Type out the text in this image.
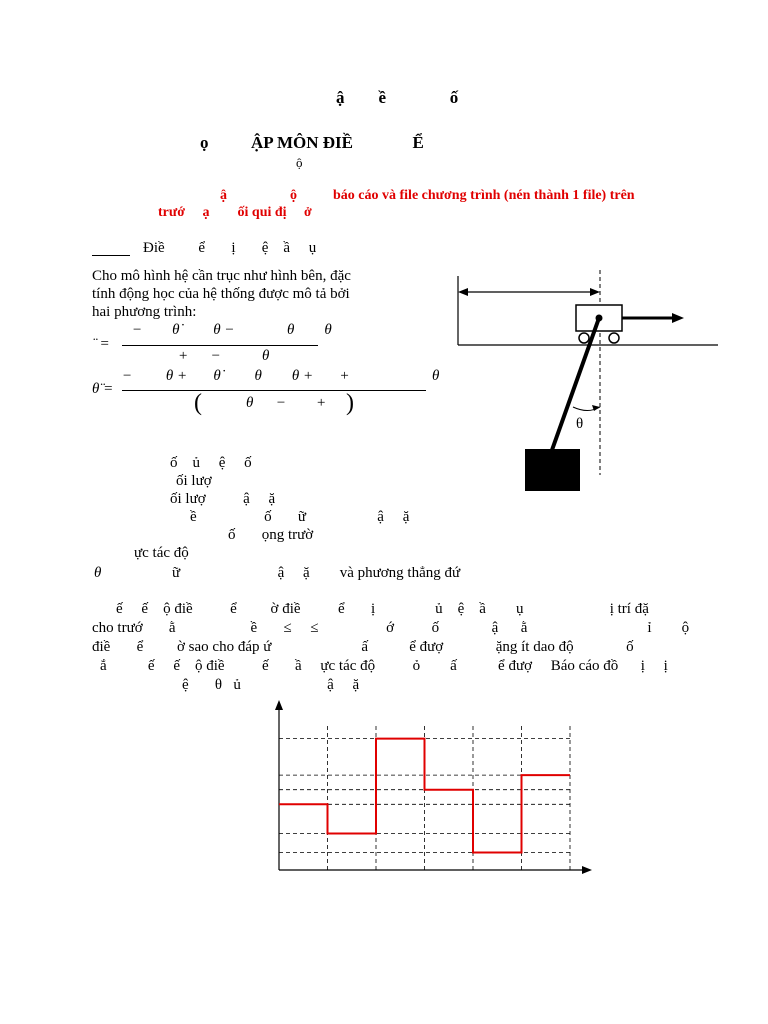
ậ        ề               ố
ọ          ẬP MÔN ĐIỀ              Ể
ộ
ậ                  ộ	báo cáo và file chương trình (nén thành 1 file) trên
trướ     ạ        ối qui đị     ở
Điề         ể       ị       ệ    ầ     ụ
Cho mô hình hệ cần trục như hình bên, đặc
tính động học của hệ thống được mô tả bởi
hai phương trình:
̈  =
−        θ̇         θ −              θ        θ
+      −           θ
θ̈ =
−         θ +       θ̇         θ        θ +       +                      θ
(	θ      −        + )
ố    ủ     ệ     ố
ối lượ
ối lượ          ậ     ặ
ề                  ố       ữ                   ậ     ặ
ố       ọng trườ
ực tác độ
θ	ữ                          ậ     ặ        và phương thẳng đứ
ế     ế    ộ điề          ể         ờ điề          ể       ị                ủ    ệ    ầ        ụ                       ị trí đặ
cho trướ       ằ                    ề       ≤     ≤                  ớ          ố              ậ      ằ                                ỉ        ộ
điề       ể         ờ sao cho đáp ứ                        ấ           ể đượ              ặng ít dao độ              ố
ắ           ế     ế    ộ điề          ế       ầ     ực tác độ          ỏ        ấ           ể đượ     Báo cáo đồ      ị     ị
ệ       θ   ủ                       ậ     ặ
θ
